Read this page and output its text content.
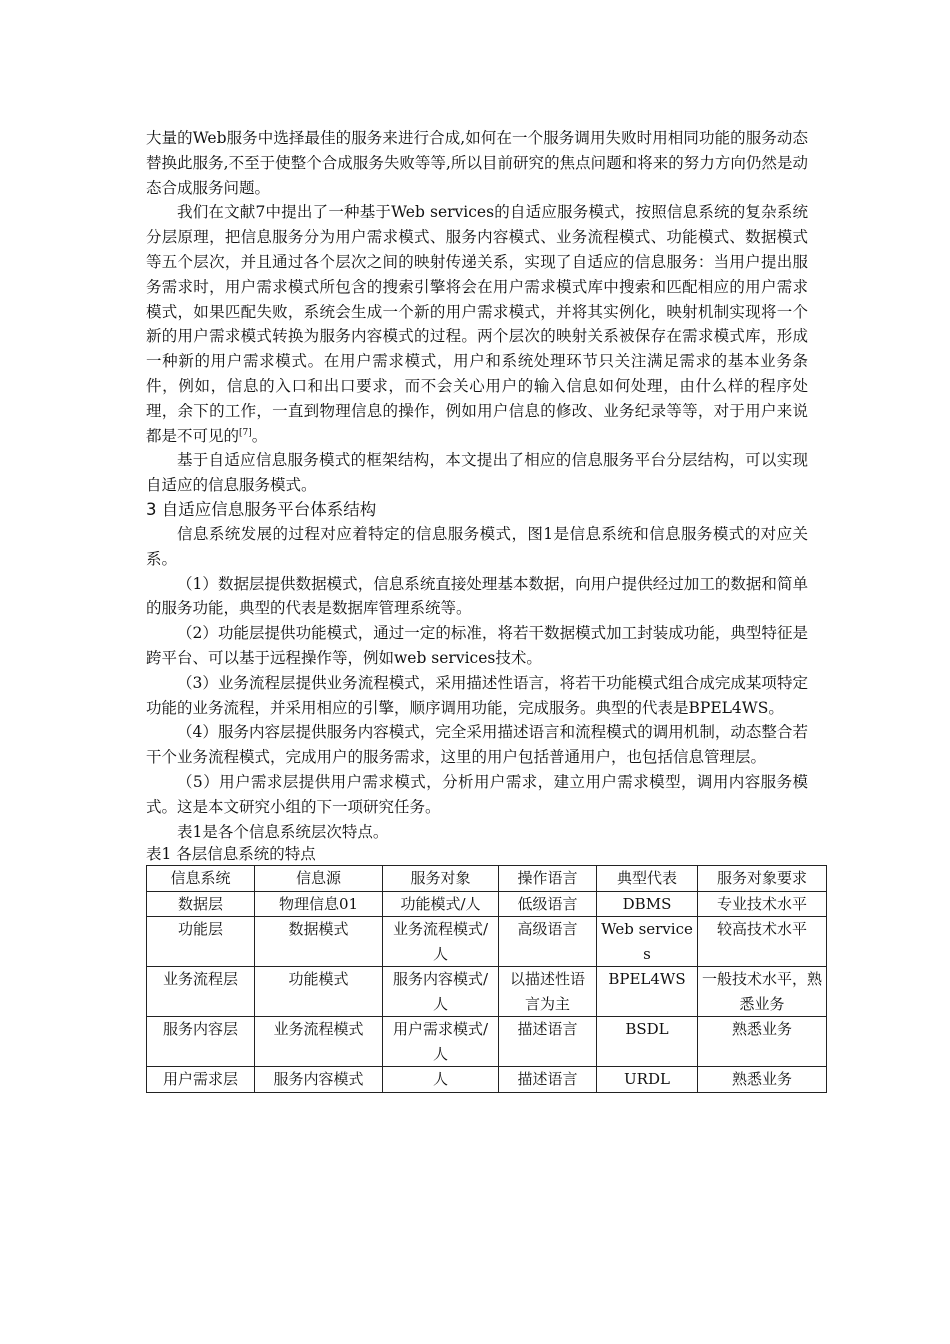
大量的Web服务中选择最佳的服务来进行合成,如何在一个服务调用失败时用相同功能的服务动态替换此服务,不至于使整个合成服务失败等等,所以目前研究的焦点问题和将来的努力方向仍然是动态合成服务问题。

我们在文献7中提出了一种基于Web services的自适应服务模式，按照信息系统的复杂系统分层原理，把信息服务分为用户需求模式、服务内容模式、业务流程模式、功能模式、数据模式等五个层次，并且通过各个层次之间的映射传递关系，实现了自适应的信息服务：当用户提出服务需求时，用户需求模式所包含的搜索引擎将会在用户需求模式库中搜索和匹配相应的用户需求模式，如果匹配失败，系统会生成一个新的用户需求模式，并将其实例化，映射机制实现将一个新的用户需求模式转换为服务内容模式的过程。两个层次的映射关系被保存在需求模式库，形成一种新的用户需求模式。在用户需求模式，用户和系统处理环节只关注满足需求的基本业务条件，例如，信息的入口和出口要求，而不会关心用户的输入信息如何处理，由什么样的程序处理，余下的工作，一直到物理信息的操作，例如用户信息的修改、业务纪录等等，对于用户来说都是不可见的[7]。

基于自适应信息服务模式的框架结构，本文提出了相应的信息服务平台分层结构，可以实现自适应的信息服务模式。

3 自适应信息服务平台体系结构

信息系统发展的过程对应着特定的信息服务模式，图1是信息系统和信息服务模式的对应关系。

（1）数据层提供数据模式，信息系统直接处理基本数据，向用户提供经过加工的数据和简单的服务功能，典型的代表是数据库管理系统等。

（2）功能层提供功能模式，通过一定的标准，将若干数据模式加工封装成功能，典型特征是跨平台、可以基于远程操作等，例如web services技术。

（3）业务流程层提供业务流程模式，采用描述性语言，将若干功能模式组合成完成某项特定功能的业务流程，并采用相应的引擎，顺序调用功能，完成服务。典型的代表是BPEL4WS。

（4）服务内容层提供服务内容模式，完全采用描述语言和流程模式的调用机制，动态整合若干个业务流程模式，完成用户的服务需求，这里的用户包括普通用户，也包括信息管理层。

（5）用户需求层提供用户需求模式，分析用户需求，建立用户需求模型，调用内容服务模式。这是本文研究小组的下一项研究任务。

表1是各个信息系统层次特点。

表1 各层信息系统的特点

信息系统	信息源	服务对象	操作语言	典型代表	服务对象要求
数据层	物理信息01	功能模式/人	低级语言	DBMS	专业技术水平
功能层	数据模式	业务流程模式/人	高级语言	Web services	较高技术水平
业务流程层	功能模式	服务内容模式/人	以描述性语言为主	BPEL4WS	一般技术水平，熟悉业务
服务内容层	业务流程模式	用户需求模式/人	描述语言	BSDL	熟悉业务
用户需求层	服务内容模式	人	描述语言	URDL	熟悉业务
